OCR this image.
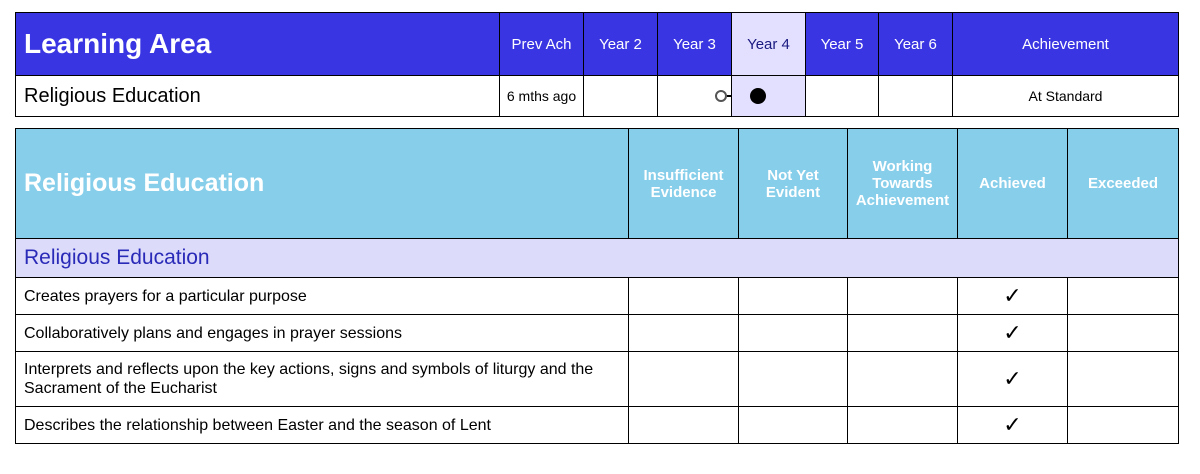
Learning Area	Prev Ach	Year 2	Year 3	Year 4	Year 5	Year 6	Achievement
Religious Education	6 mths ago						At Standard
Religious Education	Insufficient Evidence	Not Yet Evident	Working Towards Achievement	Achieved	Exceeded
Religious Education					
Creates prayers for a particular purpose				✓	
Collaboratively plans and engages in prayer sessions				✓	
Interprets and reflects upon the key actions, signs and symbols of liturgy and the Sacrament of the Eucharist				✓	
Describes the relationship between Easter and the season of Lent				✓	
